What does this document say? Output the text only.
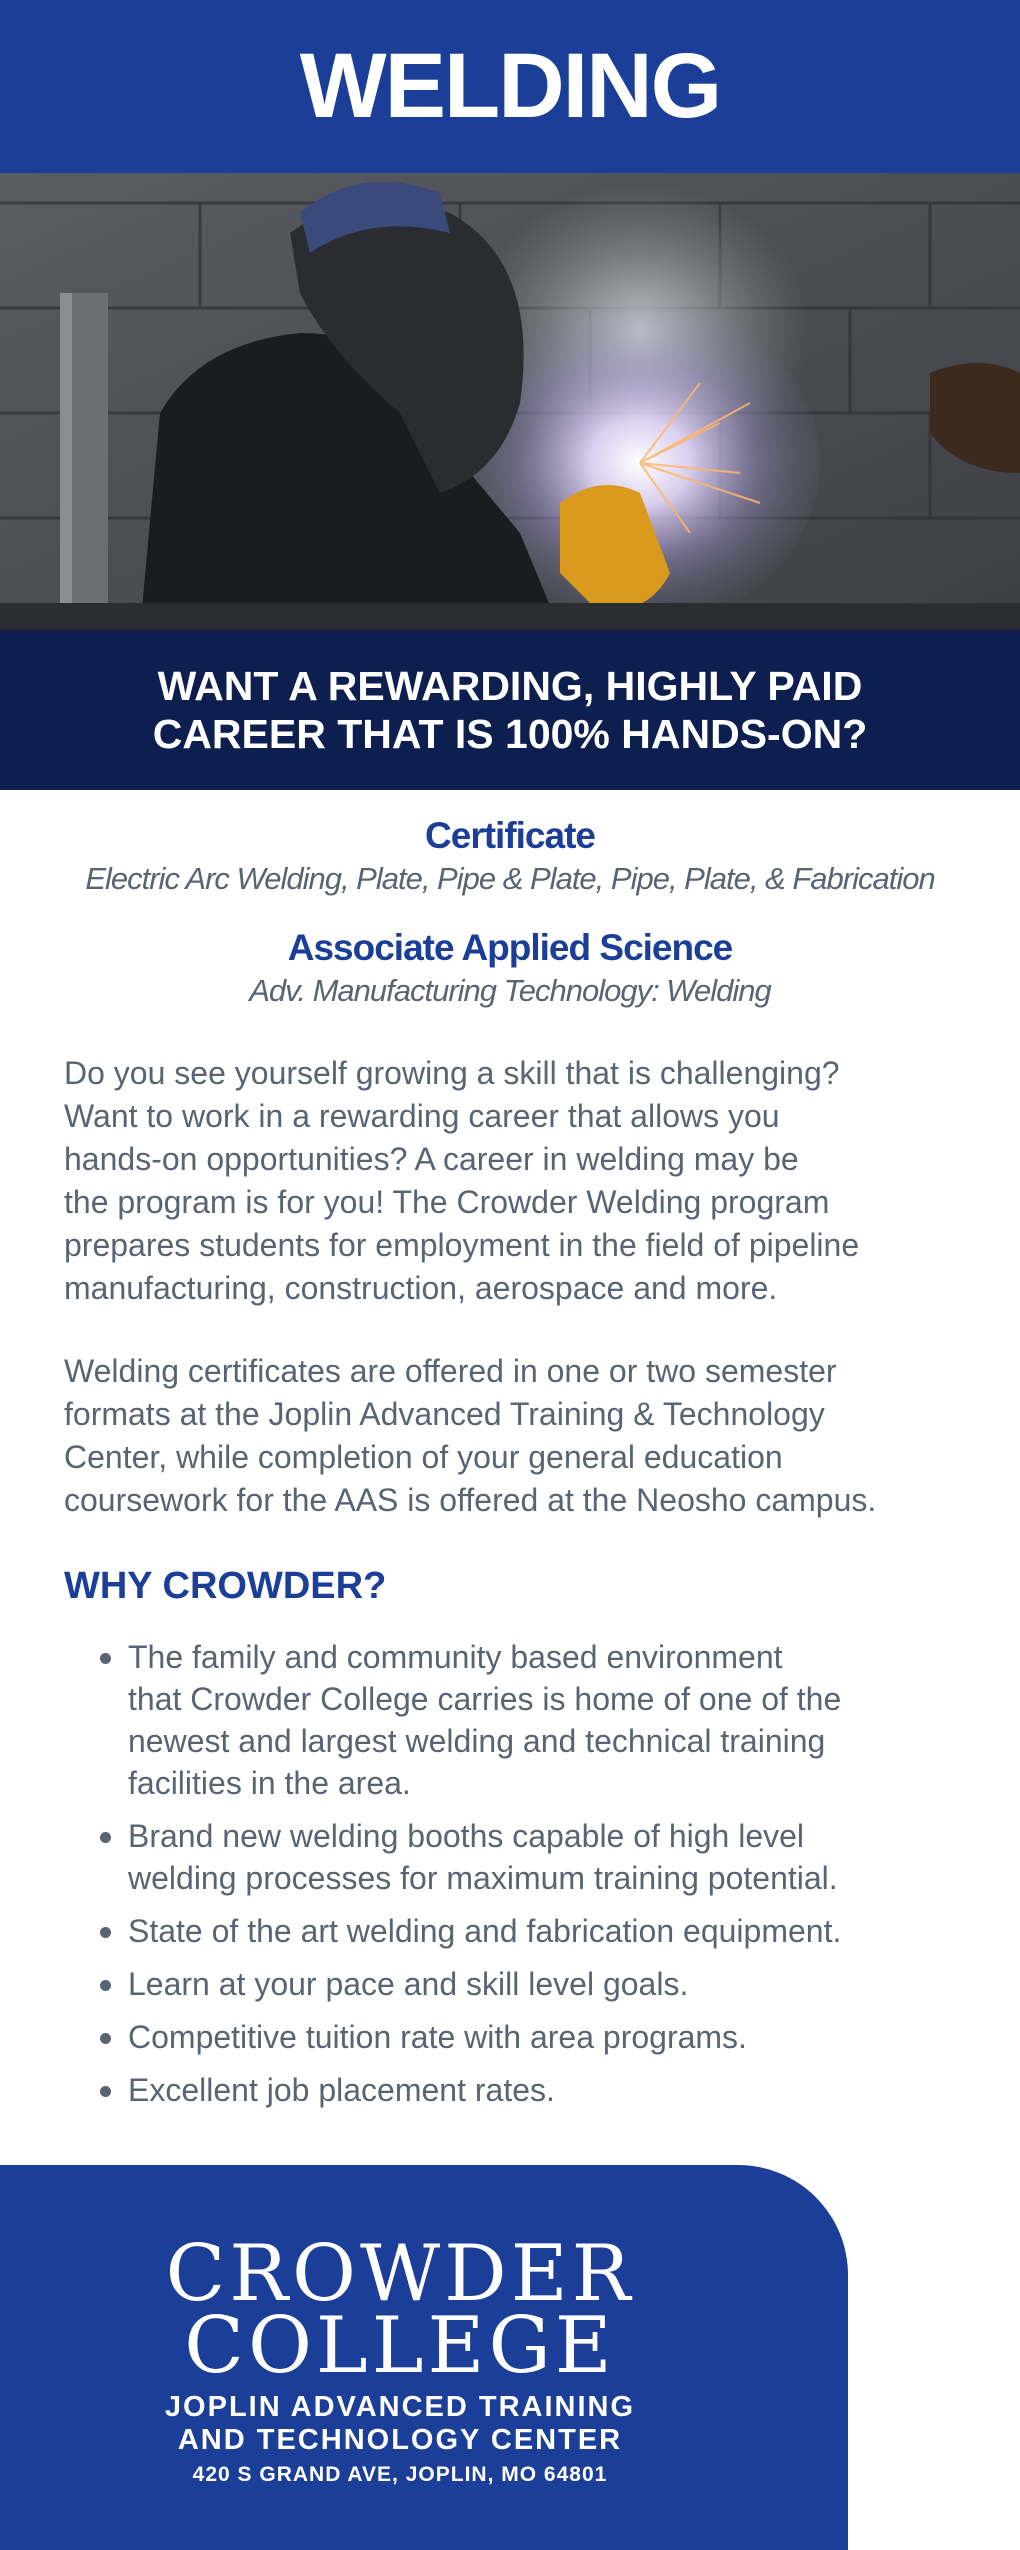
WELDING
WANT A REWARDING, HIGHLY PAID
CAREER THAT IS 100% HANDS-ON?
Certificate
Electric Arc Welding, Plate, Pipe & Plate, Pipe, Plate, & Fabrication
Associate Applied Science
Adv. Manufacturing Technology: Welding
Do you see yourself growing a skill that is challenging?
Want to work in a rewarding career that allows you
hands-on opportunities? A career in welding may be
the program is for you! The Crowder Welding program
prepares students for employment in the field of pipeline
manufacturing, construction, aerospace and more.
Welding certificates are offered in one or two semester
formats at the Joplin Advanced Training & Technology
Center, while completion of your general education
coursework for the AAS is offered at the Neosho campus.
WHY CROWDER?
The family and community based environment
that Crowder College carries is home of one of the
newest and largest welding and technical training
facilities in the area.
Brand new welding booths capable of high level
welding processes for maximum training potential.
State of the art welding and fabrication equipment.
Learn at your pace and skill level goals.
Competitive tuition rate with area programs.
Excellent job placement rates.
CROWDER
COLLEGE
JOPLIN ADVANCED TRAINING
AND TECHNOLOGY CENTER
420 S GRAND AVE, JOPLIN, MO 64801
